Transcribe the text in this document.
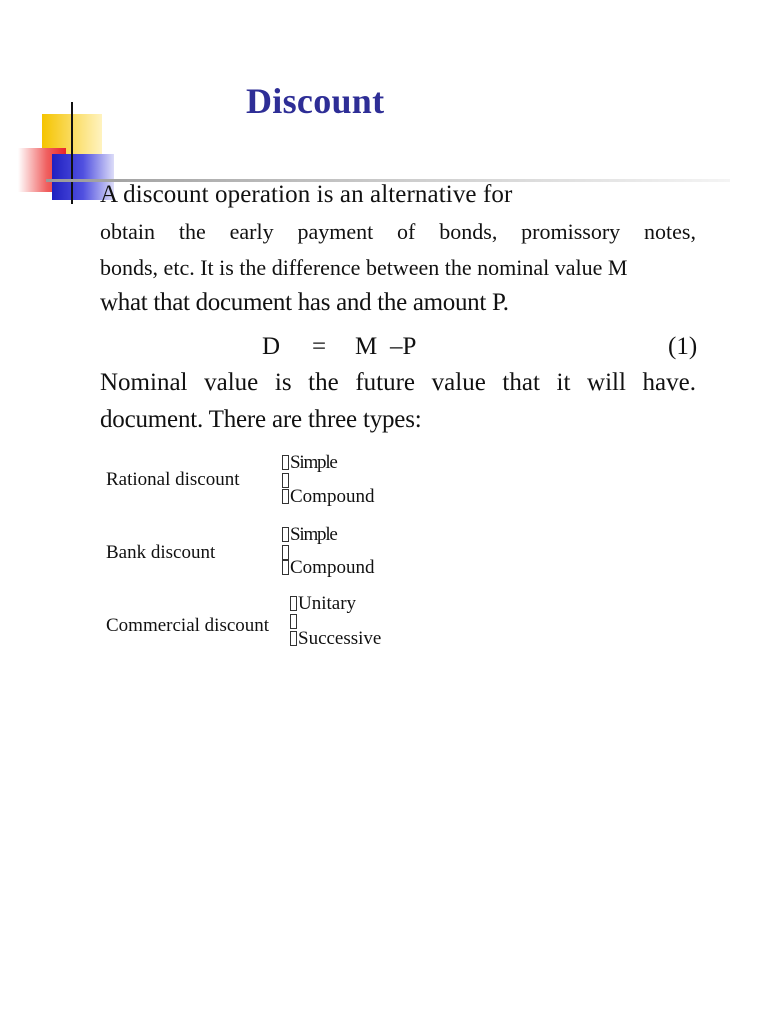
Discount
A discount operation is an alternative for
obtain the early payment of bonds, promissory notes,
bonds, etc. It is the difference between the nominal value M
what that document has and the amount P.
D = M –P	(1)
Nominal value is the future value that it will have.
document. There are three types:
Rational discount
Simple
Compound
Bank discount
Simple
Compound
Commercial discount
Unitary
Successive
